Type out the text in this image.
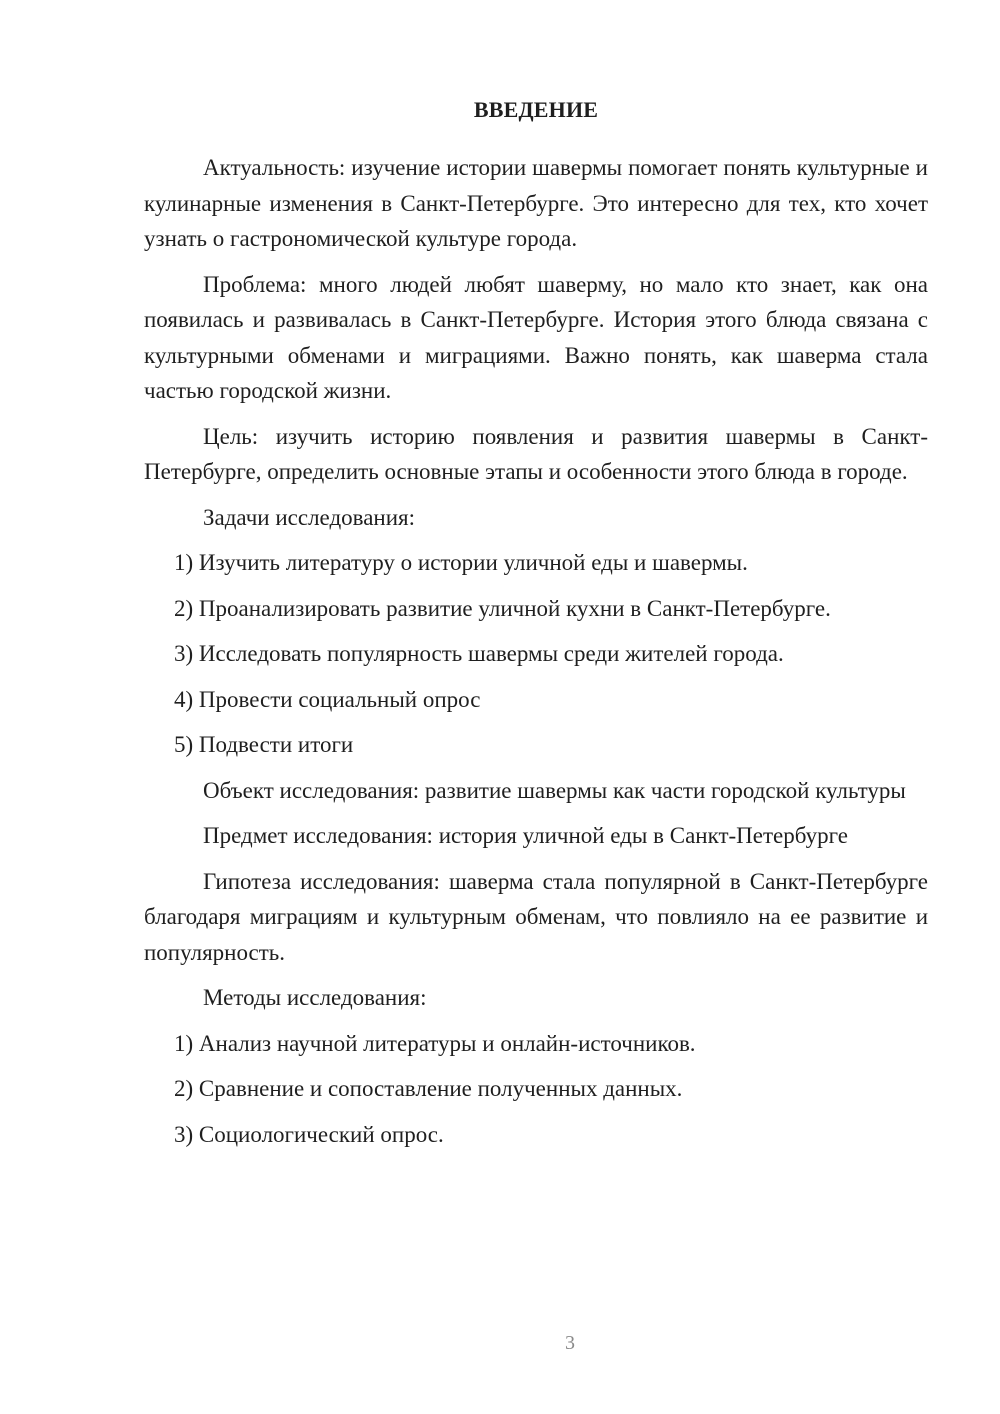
ВВЕДЕНИЕ

Актуальность: изучение истории шавермы помогает понять культурные и кулинарные изменения в Санкт-Петербурге. Это интересно для тех, кто хочет узнать о гастрономической культуре города.

Проблема: много людей любят шаверму, но мало кто знает, как она появилась и развивалась в Санкт-Петербурге. История этого блюда связана с культурными обменами и миграциями. Важно понять, как шаверма стала частью городской жизни.

Цель: изучить историю появления и развития шавермы в Санкт-Петербурге, определить основные этапы и особенности этого блюда в городе.

Задачи исследования:

1) Изучить литературу о истории уличной еды и шавермы.
2) Проанализировать развитие уличной кухни в Санкт-Петербурге.
3) Исследовать популярность шавермы среди жителей города.
4) Провести социальный опрос
5) Подвести итоги

Объект исследования: развитие шавермы как части городской культуры

Предмет исследования: история уличной еды в Санкт-Петербурге

Гипотеза исследования: шаверма стала популярной в Санкт-Петербурге благодаря миграциям и культурным обменам, что повлияло на ее развитие и популярность.

Методы исследования:

1) Анализ научной литературы и онлайн-источников.
2) Сравнение и сопоставление полученных данных.
3) Социологический опрос.
3
